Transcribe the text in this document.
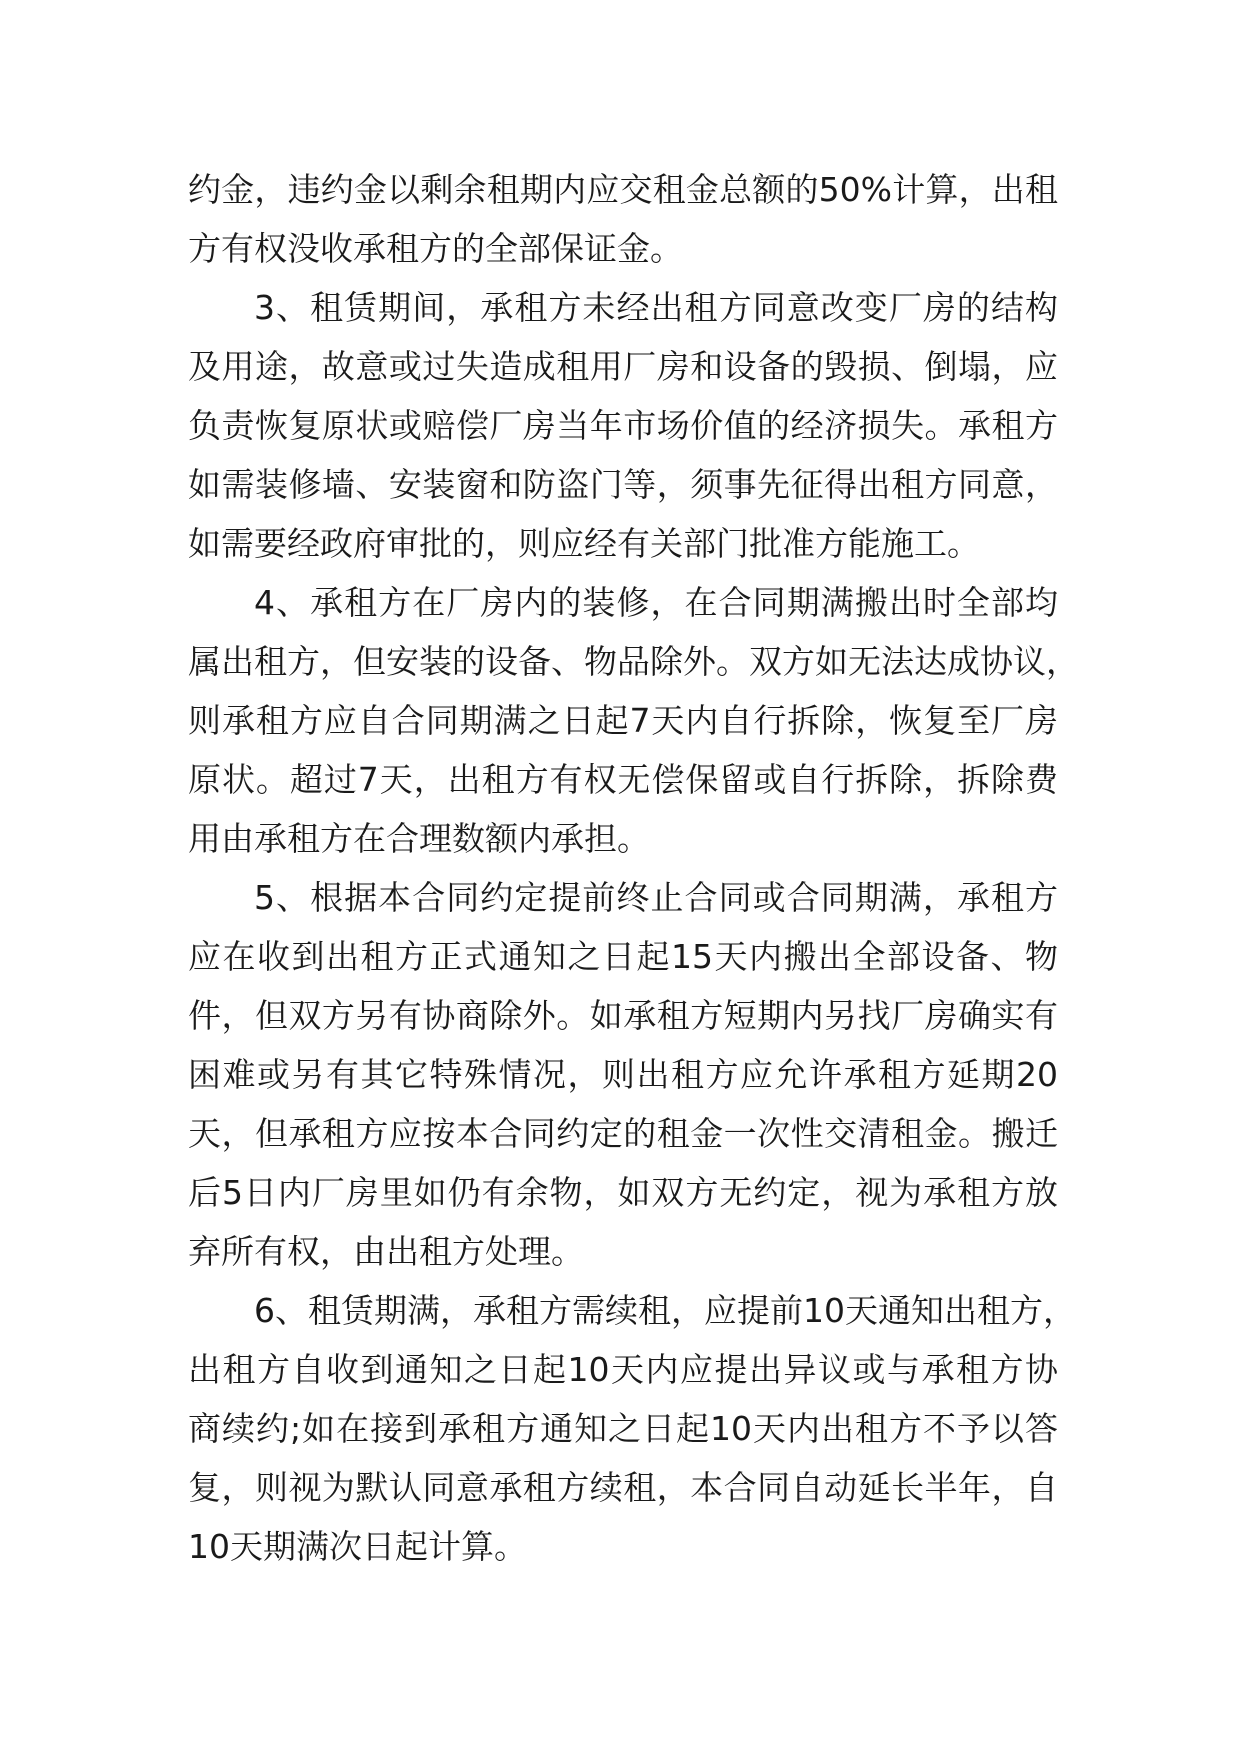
约金，违约金以剩余租期内应交租金总额的50%计算，出租
方有权没收承租方的全部保证金。
3、租赁期间，承租方未经出租方同意改变厂房的结构
及用途，故意或过失造成租用厂房和设备的毁损、倒塌，应
负责恢复原状或赔偿厂房当年市场价值的经济损失。承租方
如需装修墙、安装窗和防盗门等，须事先征得出租方同意，
如需要经政府审批的，则应经有关部门批准方能施工。
4、承租方在厂房内的装修，在合同期满搬出时全部均
属出租方，但安装的设备、物品除外。双方如无法达成协议，
则承租方应自合同期满之日起7天内自行拆除，恢复至厂房
原状。超过7天，出租方有权无偿保留或自行拆除，拆除费
用由承租方在合理数额内承担。
5、根据本合同约定提前终止合同或合同期满，承租方
应在收到出租方正式通知之日起15天内搬出全部设备、物
件，但双方另有协商除外。如承租方短期内另找厂房确实有
困难或另有其它特殊情况，则出租方应允许承租方延期20
天，但承租方应按本合同约定的租金一次性交清租金。搬迁
后5日内厂房里如仍有余物，如双方无约定，视为承租方放
弃所有权，由出租方处理。
6、租赁期满，承租方需续租，应提前10天通知出租方，
出租方自收到通知之日起10天内应提出异议或与承租方协
商续约;如在接到承租方通知之日起10天内出租方不予以答
复，则视为默认同意承租方续租，本合同自动延长半年，自
10天期满次日起计算。
